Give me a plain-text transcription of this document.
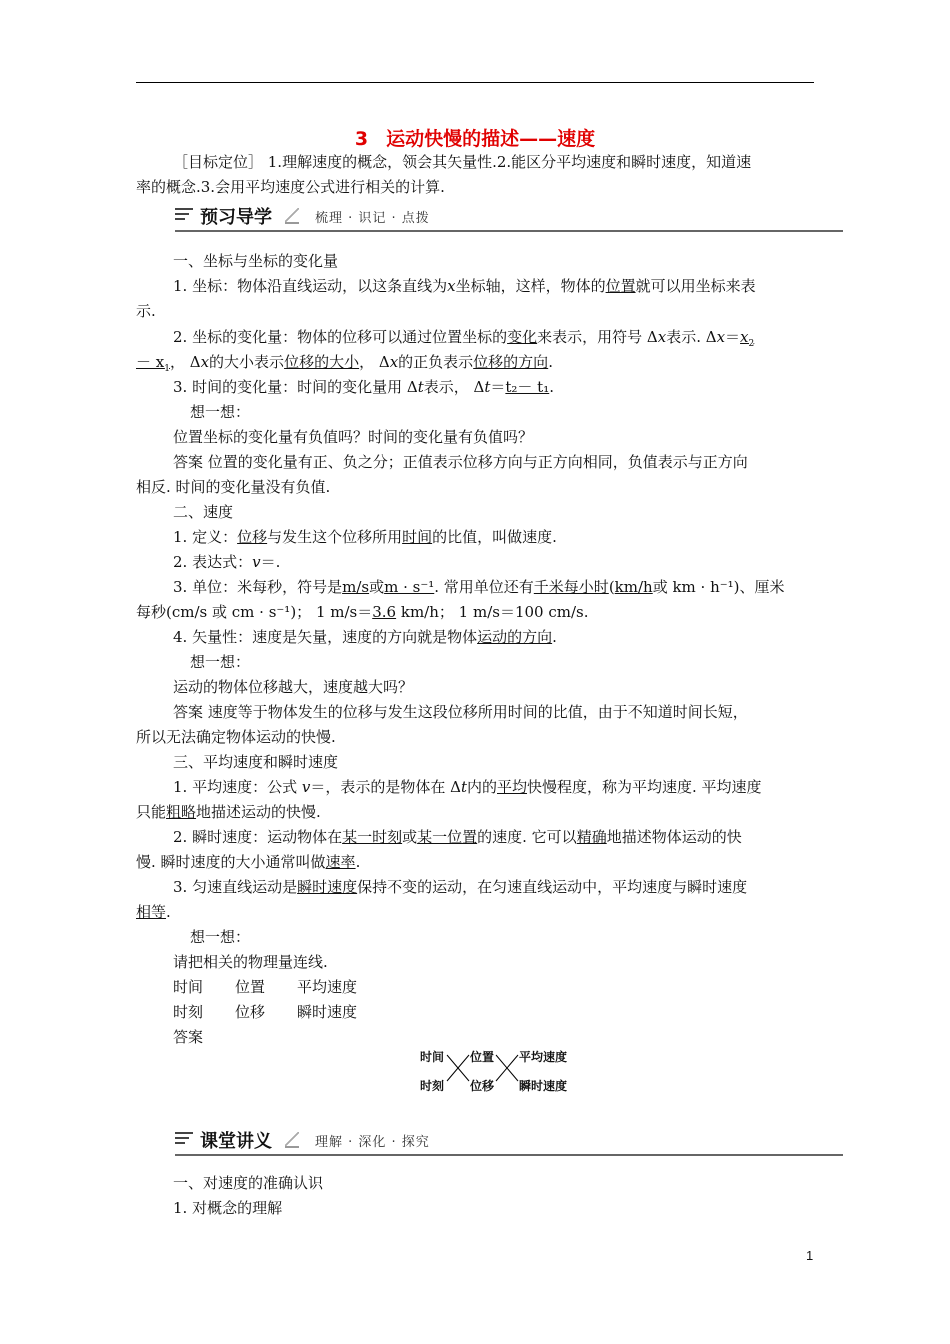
3 运动快慢的描述——速度
［目标定位］ 1.理解速度的概念，领会其矢量性.2.能区分平均速度和瞬时速度，知道速
率的概念.3.会用平均速度公式进行相关的计算.
预习导学	梳理 · 识记 · 点拨
一、坐标与坐标的变化量
1. 坐标：物体沿直线运动，以这条直线为x坐标轴，这样，物体的位置就可以用坐标来表
示.
2. 坐标的变化量：物体的位移可以通过位置坐标的变化来表示，用符号 Δx表示. $\Delta x=x_2$
－ $x_1$， Δx的大小表示位移的大小， Δx的正负表示位移的方向.
3. 时间的变化量：时间的变化量用 Δt表示， Δt＝t₂－ t₁.
想一想：
位置坐标的变化量有负值吗？时间的变化量有负值吗？
答案 位置的变化量有正、负之分；正值表示位移方向与正方向相同，负值表示与正方向
相反. 时间的变化量没有负值.
二、速度
1. 定义：位移与发生这个位移所用时间的比值，叫做速度.
2. 表达式：v＝.
3. 单位：米每秒，符号是m/s或m · s⁻¹. 常用单位还有千米每小时(km/h或 km · h⁻¹)、厘米
每秒(cm/s 或 cm · s⁻¹)； 1 m/s＝3.6 km/h； 1 m/s＝100 cm/s.
4. 矢量性：速度是矢量，速度的方向就是物体运动的方向.
想一想：
运动的物体位移越大，速度越大吗？
答案 速度等于物体发生的位移与发生这段位移所用时间的比值，由于不知道时间长短，
所以无法确定物体运动的快慢.
三、平均速度和瞬时速度
1. 平均速度：公式 v＝，表示的是物体在 Δt内的平均快慢程度，称为平均速度. 平均速度
只能粗略地描述运动的快慢.
2. 瞬时速度：运动物体在某一时刻或某一位置的速度. 它可以精确地描述物体运动的快
慢. 瞬时速度的大小通常叫做速率.
3. 匀速直线运动是瞬时速度保持不变的运动，在匀速直线运动中，平均速度与瞬时速度
相等.
想一想：
请把相关的物理量连线.
时间 位置 平均速度
时刻 位移 瞬时速度
答案
时间
时刻
位置
位移
平均速度
瞬时速度
课堂讲义	理解 · 深化 · 探究
一、对速度的准确认识
1. 对概念的理解
1
